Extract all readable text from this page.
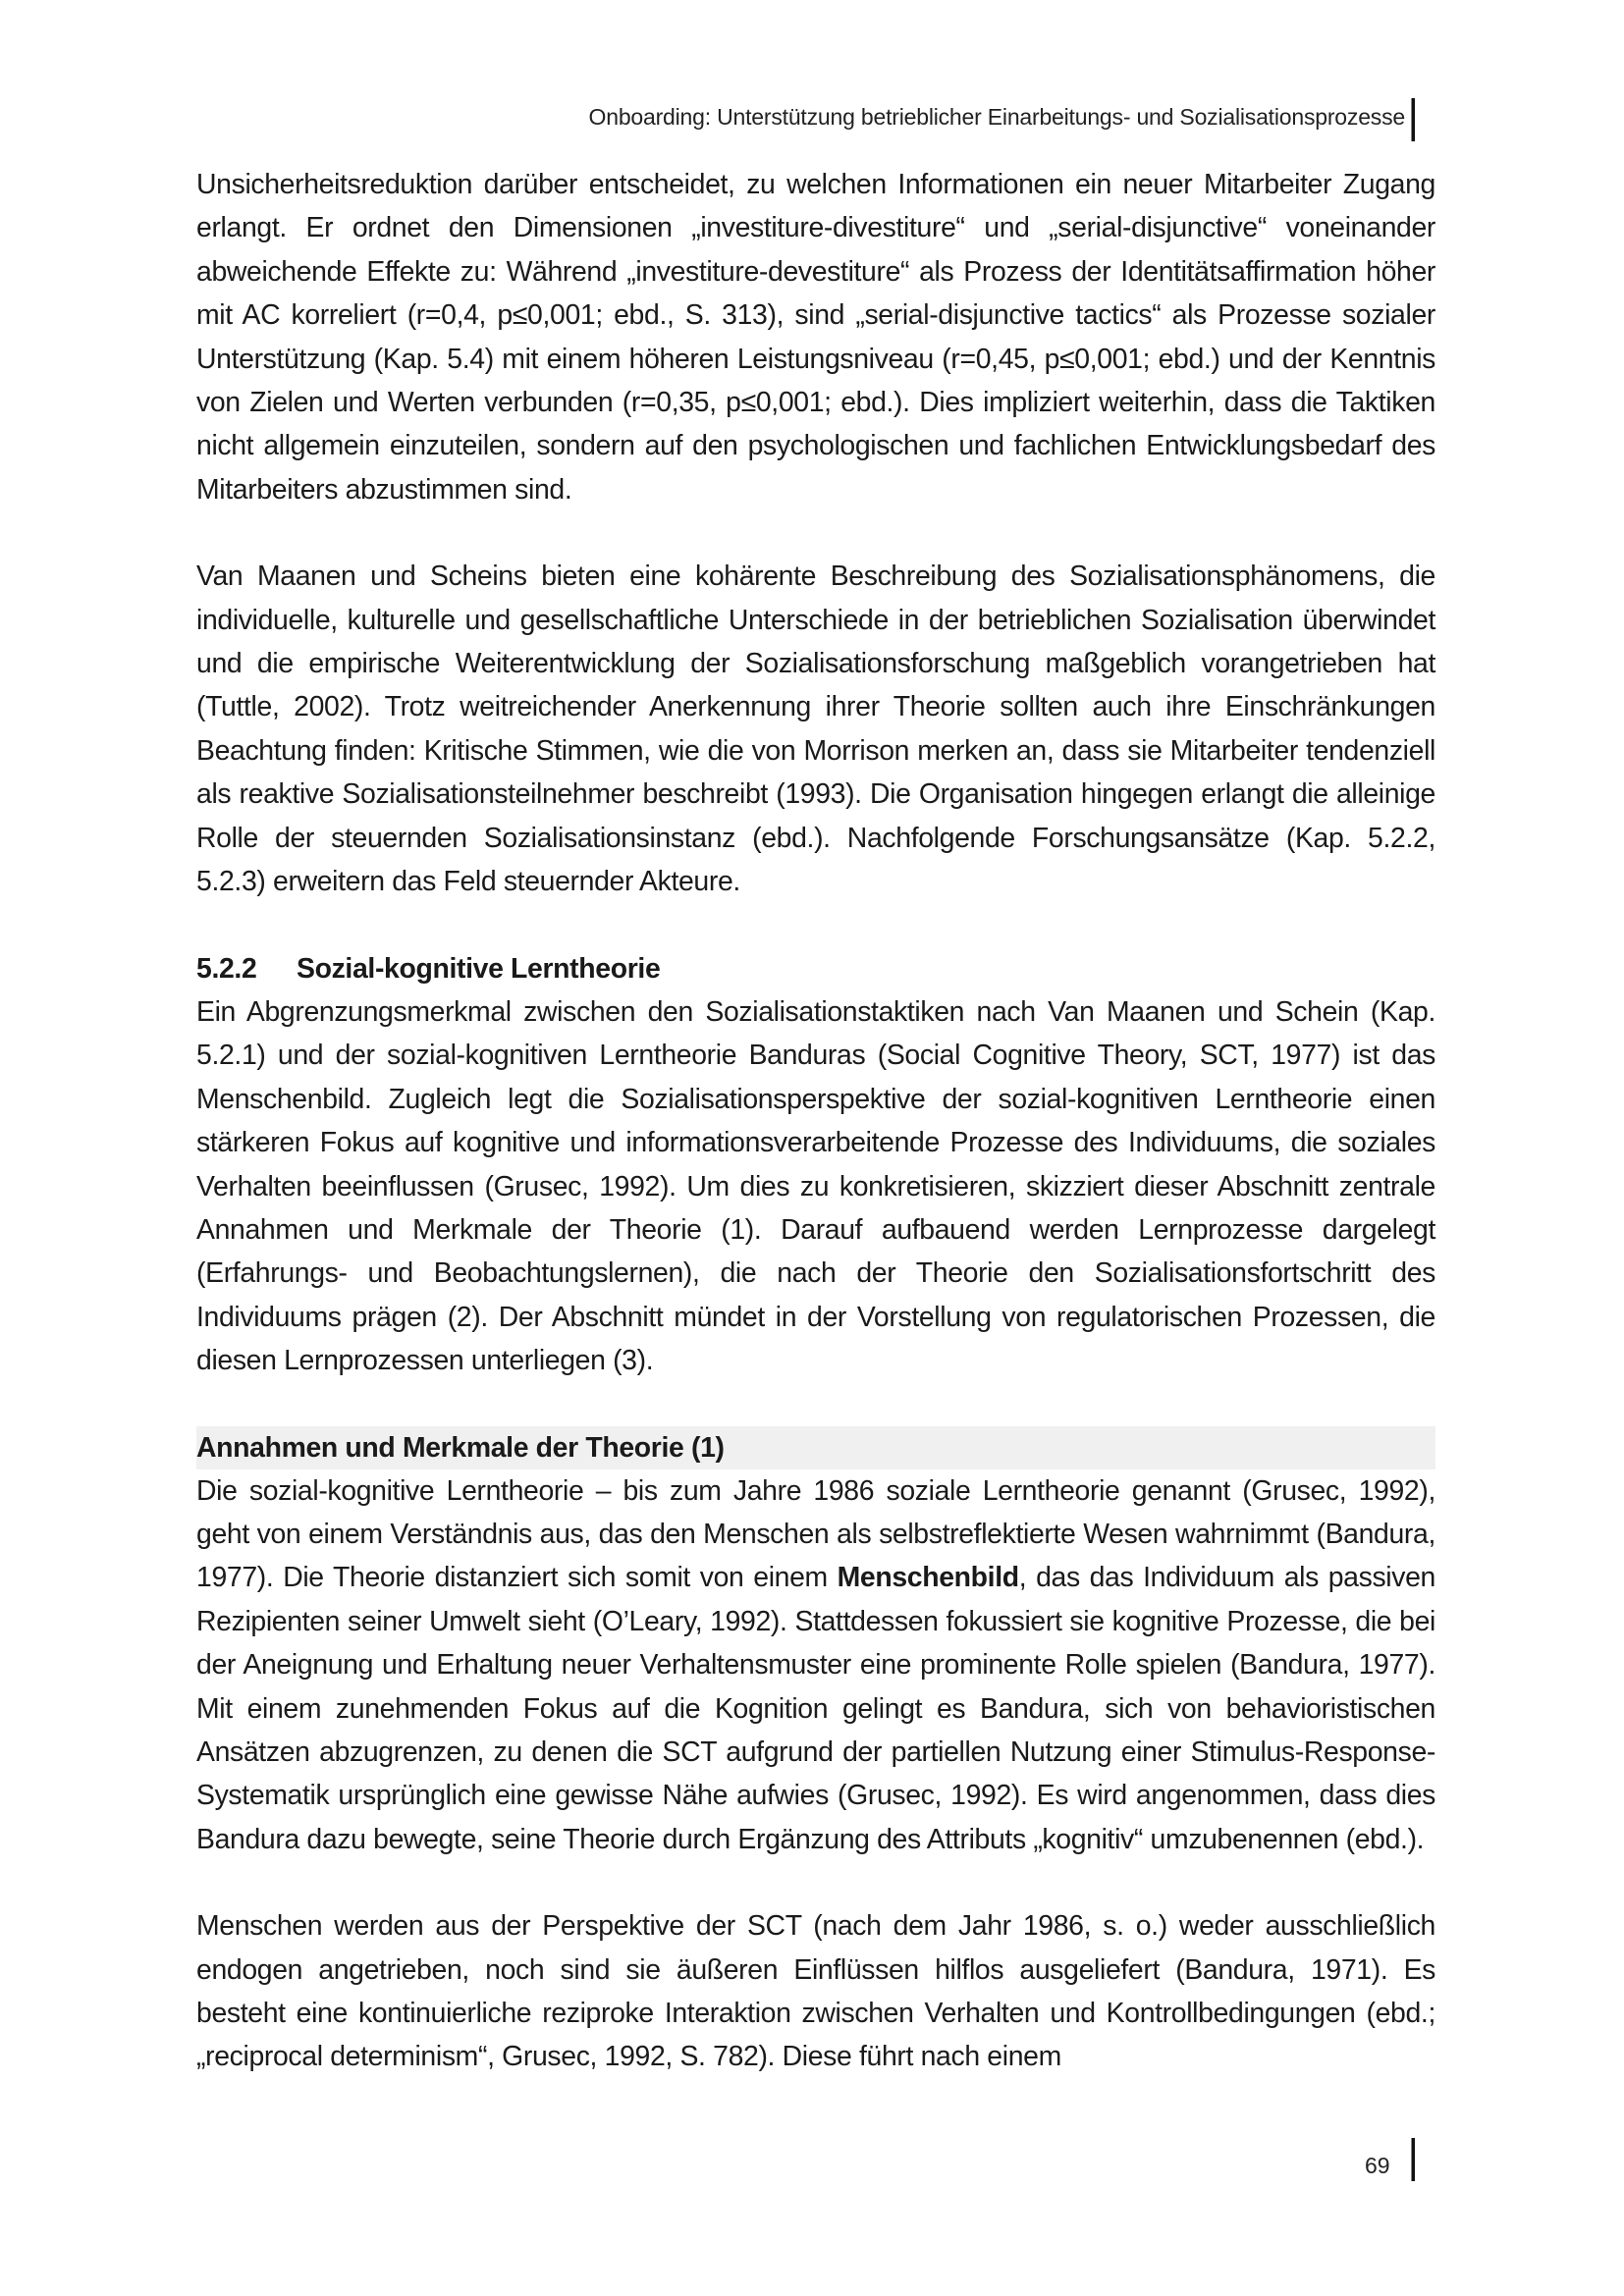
Onboarding: Unterstützung betrieblicher Einarbeitungs- und Sozialisationsprozesse

Unsicherheitsreduktion darüber entscheidet, zu welchen Informationen ein neuer Mitarbeiter Zugang erlangt. Er ordnet den Dimensionen „investiture-divestiture“ und „serial-disjunctive“ voneinander abweichende Effekte zu: Während „investiture-devestiture“ als Prozess der Identitätsaffirmation höher mit AC korreliert (r=0,4, p≤0,001; ebd., S. 313), sind „serial-disjunctive tactics“ als Prozesse sozialer Unterstützung (Kap. 5.4) mit einem höheren Leistungsniveau (r=0,45, p≤0,001; ebd.) und der Kenntnis von Zielen und Werten verbunden (r=0,35, p≤0,001; ebd.). Dies impliziert weiterhin, dass die Taktiken nicht allgemein einzuteilen, sondern auf den psychologischen und fachlichen Entwicklungsbedarf des Mitarbeiters abzustimmen sind.

Van Maanen und Scheins bieten eine kohärente Beschreibung des Sozialisationsphänomens, die individuelle, kulturelle und gesellschaftliche Unterschiede in der betrieblichen Sozialisation überwindet und die empirische Weiterentwicklung der Sozialisationsforschung maßgeblich vorangetrieben hat (Tuttle, 2002). Trotz weitreichender Anerkennung ihrer Theorie sollten auch ihre Einschränkungen Beachtung finden: Kritische Stimmen, wie die von Morrison merken an, dass sie Mitarbeiter tendenziell als reaktive Sozialisationsteilnehmer beschreibt (1993). Die Organisation hingegen erlangt die alleinige Rolle der steuernden Sozialisationsinstanz (ebd.). Nachfolgende Forschungsansätze (Kap. 5.2.2, 5.2.3) erweitern das Feld steuernder Akteure.

5.2.2	Sozial-kognitive Lerntheorie

Ein Abgrenzungsmerkmal zwischen den Sozialisationstaktiken nach Van Maanen und Schein (Kap. 5.2.1) und der sozial-kognitiven Lerntheorie Banduras (Social Cognitive Theory, SCT, 1977) ist das Menschenbild. Zugleich legt die Sozialisationsperspektive der sozial-kognitiven Lerntheorie einen stärkeren Fokus auf kognitive und informationsverarbeitende Prozesse des Individuums, die soziales Verhalten beeinflussen (Grusec, 1992). Um dies zu konkretisieren, skizziert dieser Abschnitt zentrale Annahmen und Merkmale der Theorie (1). Darauf aufbauend werden Lernprozesse dargelegt (Erfahrungs- und Beobachtungslernen), die nach der Theorie den Sozialisationsfortschritt des Individuums prägen (2). Der Abschnitt mündet in der Vorstellung von regulatorischen Prozessen, die diesen Lernprozessen unterliegen (3).

Annahmen und Merkmale der Theorie (1)

Die sozial-kognitive Lerntheorie – bis zum Jahre 1986 soziale Lerntheorie genannt (Grusec, 1992), geht von einem Verständnis aus, das den Menschen als selbstreflektierte Wesen wahrnimmt (Bandura, 1977). Die Theorie distanziert sich somit von einem Menschenbild, das das Individuum als passiven Rezipienten seiner Umwelt sieht (O’Leary, 1992). Stattdessen fokussiert sie kognitive Prozesse, die bei der Aneignung und Erhaltung neuer Verhaltensmuster eine prominente Rolle spielen (Bandura, 1977). Mit einem zunehmenden Fokus auf die Kognition gelingt es Bandura, sich von behavioristischen Ansätzen abzugrenzen, zu denen die SCT aufgrund der partiellen Nutzung einer Stimulus-Response-Systematik ursprünglich eine gewisse Nähe aufwies (Grusec, 1992). Es wird angenommen, dass dies Bandura dazu bewegte, seine Theorie durch Ergänzung des Attributs „kognitiv“ umzubenennen (ebd.).

Menschen werden aus der Perspektive der SCT (nach dem Jahr 1986, s. o.) weder ausschließlich endogen angetrieben, noch sind sie äußeren Einflüssen hilflos ausgeliefert (Bandura, 1971). Es besteht eine kontinuierliche reziproke Interaktion zwischen Verhalten und Kontrollbedingungen (ebd.; „reciprocal determinism“, Grusec, 1992, S. 782). Diese führt nach einem

69
